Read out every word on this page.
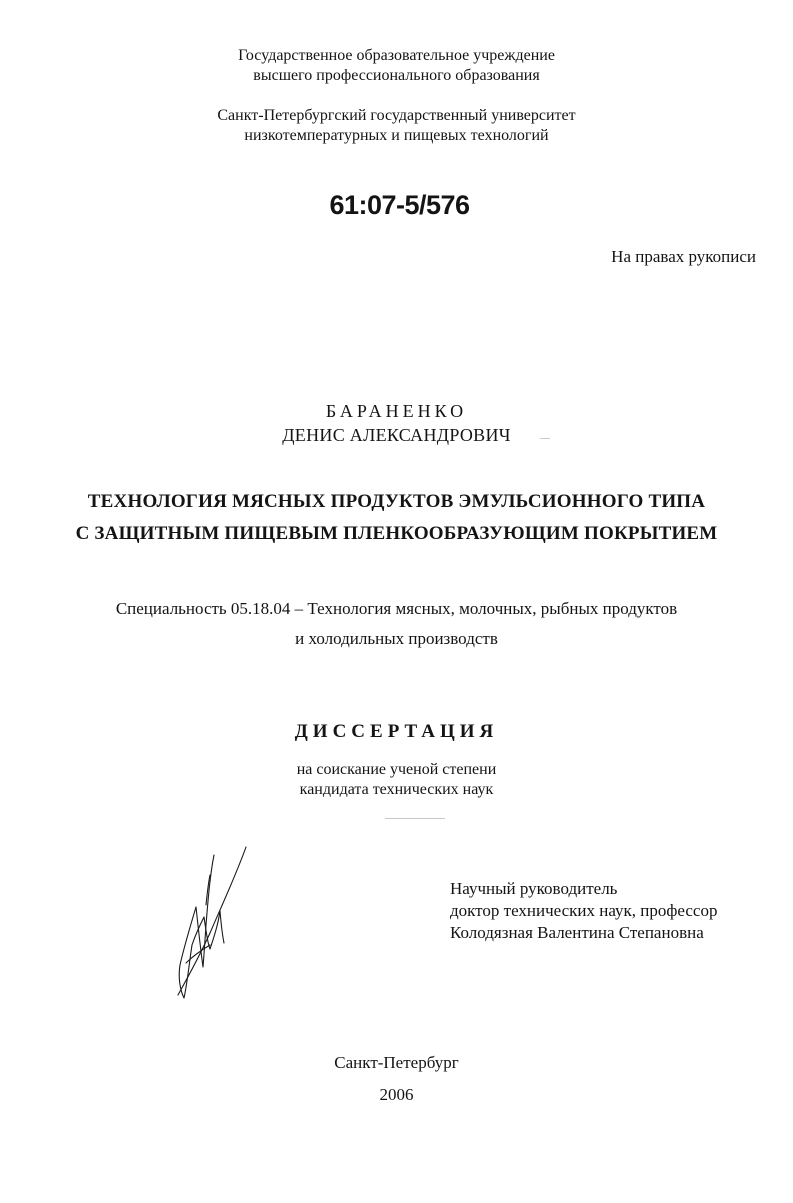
Государственное образовательное учреждение
высшего профессионального образования
Санкт-Петербургский государственный университет
низкотемпературных и пищевых технологий
61:07-5/576
На правах рукописи
БАРАНЕНКО
ДЕНИС АЛЕКСАНДРОВИЧ
ТЕХНОЛОГИЯ МЯСНЫХ ПРОДУКТОВ ЭМУЛЬСИОННОГО ТИПА
С ЗАЩИТНЫМ ПИЩЕВЫМ ПЛЕНКООБРАЗУЮЩИМ ПОКРЫТИЕМ
Специальность 05.18.04 – Технология мясных, молочных, рыбных продуктов
и холодильных производств
ДИССЕРТАЦИЯ
на соискание ученой степени
кандидата технических наук
Научный руководитель
доктор технических наук, профессор
Колодязная Валентина Степановна
Санкт-Петербург
2006
